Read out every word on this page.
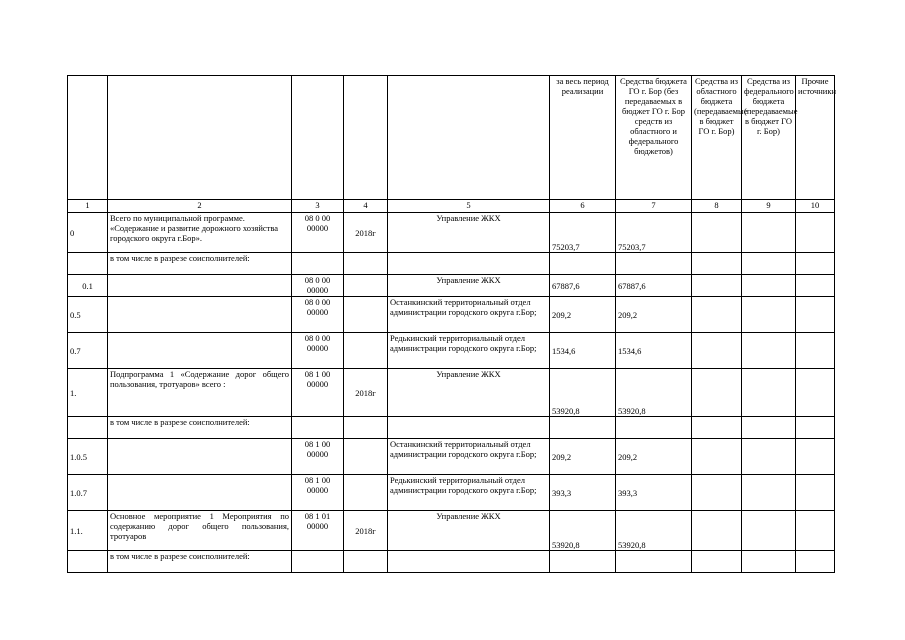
					за весь период реализации	Средства бюджета ГО г. Бор (без передаваемых в бюджет ГО г. Бор средств из областного и федерального бюджетов)	Средства из областного бюджета (передаваемые в бюджет ГО г. Бор)	Средства из федерального бюджета (передаваемые в бюджет ГО г. Бор)	Прочие источники
1	2	3	4	5	6	7	8	9	10
0	Всего по муниципальной программе. «Содержание и развитие дорожного хозяйства городского округа г.Бор».	08 0 00 00000	2018г	Управление ЖКХ	75203,7	75203,7			
	в том числе в разрезе соисполнителей:								
0.1		08 0 00 00000		Управление ЖКХ	67887,6	67887,6			
0.5		08 0 00 00000		Останкинский территориальный отдел администрации городского округа г.Бор;	209,2	209,2			
0.7		08 0 00 00000		Редькинский территориальный отдел администрации городского округа г.Бор;	1534,6	1534,6			
1.	Подпрограмма 1 «Содержание дорог общего пользования, тротуаров» всего :	08 1 00 00000	2018г	Управление ЖКХ	53920,8	53920,8			
	в том числе в разрезе соисполнителей:								
1.0.5		08 1 00 00000		Останкинский территориальный отдел администрации городского округа г.Бор;	209,2	209,2			
1.0.7		08 1 00 00000		Редькинский территориальный отдел администрации городского округа г.Бор;	393,3	393,3			
1.1.	Основное мероприятие 1 Мероприятия по содержанию дорог общего пользования, тротуаров	08 1 01 00000	2018г	Управление ЖКХ	53920,8	53920,8			
	в том числе в разрезе соисполнителей:								
